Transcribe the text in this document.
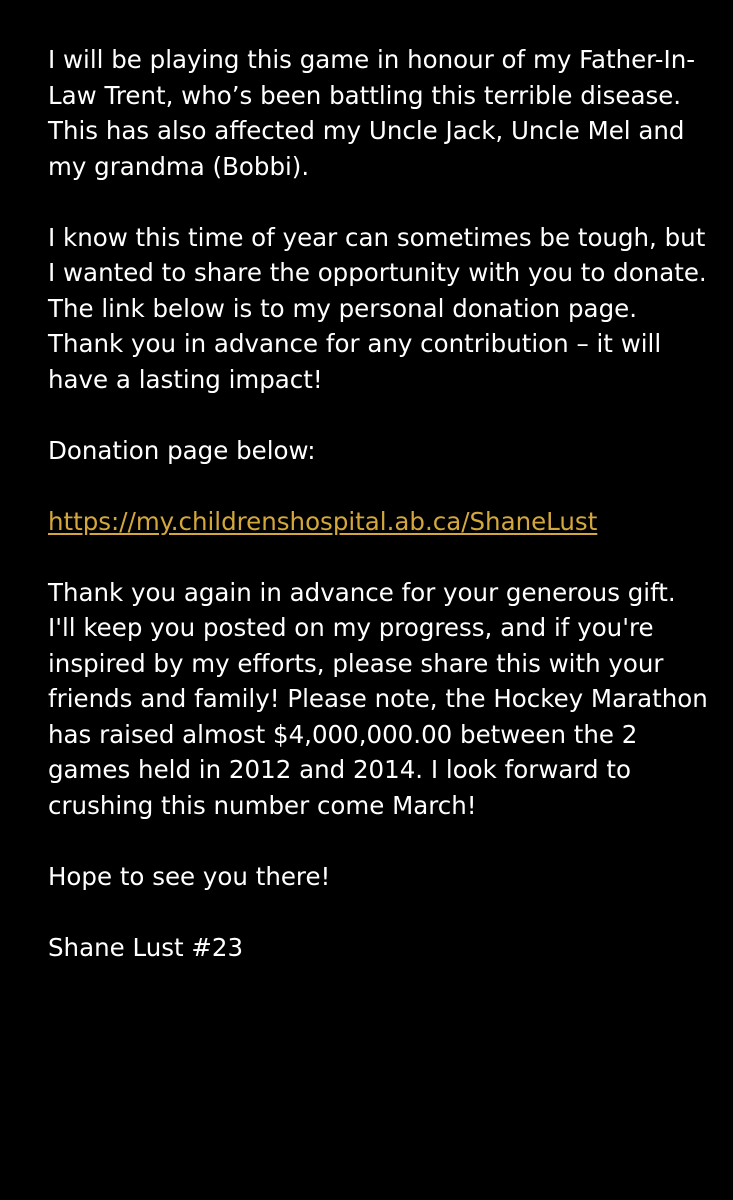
I will be playing this game in honour of my Father-In-Law Trent, who’s been battling this terrible disease. This has also affected my Uncle Jack, Uncle Mel and my grandma (Bobbi).

I know this time of year can sometimes be tough, but I wanted to share the opportunity with you to donate. The link below is to my personal donation page. Thank you in advance for any contribution – it will have a lasting impact!

Donation page below:

https://my.childrenshospital.ab.ca/ShaneLust

Thank you again in advance for your generous gift. I'll keep you posted on my progress, and if you're inspired by my efforts, please share this with your friends and family! Please note, the Hockey Marathon has raised almost $4,000,000.00 between the 2 games held in 2012 and 2014. I look forward to crushing this number come March!

Hope to see you there!

Shane Lust #23
